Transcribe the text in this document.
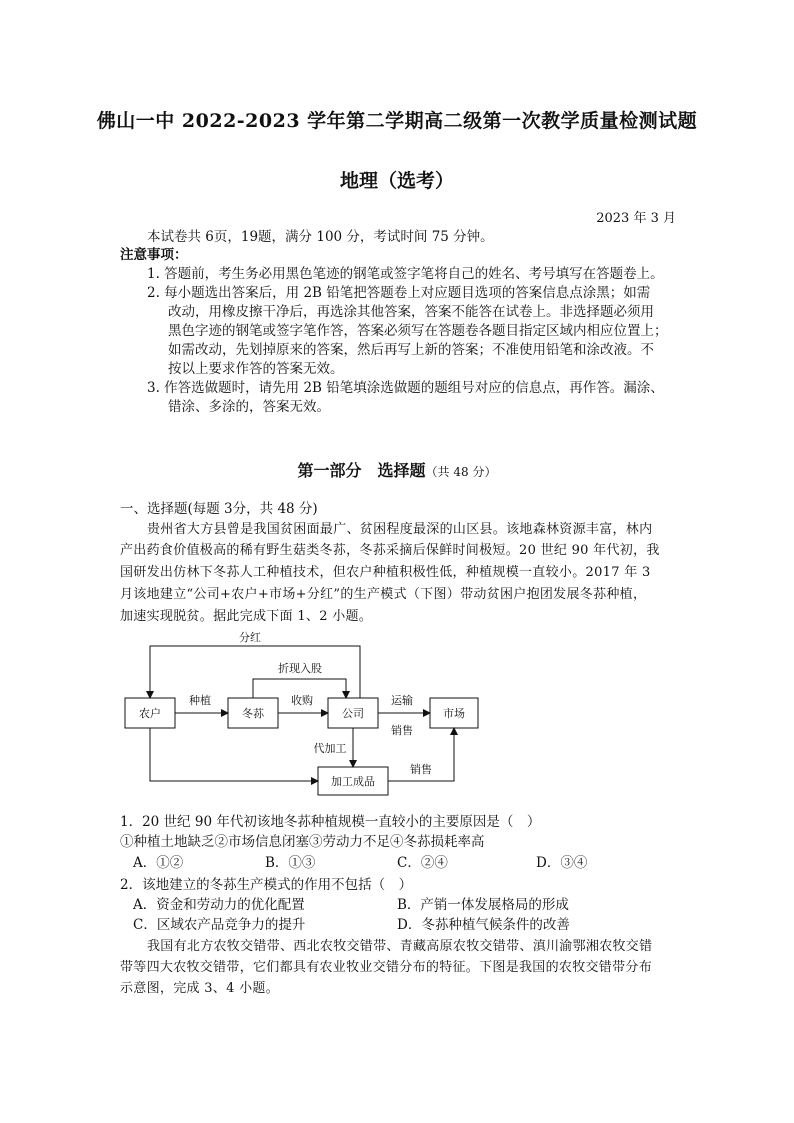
佛山一中 2022-2023 学年第二学期高二级第一次教学质量检测试题
地理（选考）
2023 年 3 月
本试卷共 6页，19题，满分 100 分，考试时间 75 分钟。
注意事项：
1. 答题前，考生务必用黑色笔迹的钢笔或签字笔将自己的姓名、考号填写在答题卷上。
2. 每小题选出答案后，用 2B 铅笔把答题卷上对应题目选项的答案信息点涂黑；如需
改动，用橡皮擦干净后，再选涂其他答案，答案不能答在试卷上。非选择题必须用
黑色字迹的钢笔或签字笔作答，答案必须写在答题卷各题目指定区域内相应位置上；
如需改动，先划掉原来的答案，然后再写上新的答案；不准使用铅笔和涂改液。不
按以上要求作答的答案无效。
3. 作答选做题时，请先用 2B 铅笔填涂选做题的题组号对应的信息点，再作答。漏涂、
错涂、多涂的，答案无效。
第一部分　选择题（共 48 分）
一、选择题(每题 3分，共 48 分)
贵州省大方县曾是我国贫困面最广、贫困程度最深的山区县。该地森林资源丰富，林内
产出药食价值极高的稀有野生菇类冬荪，冬荪采摘后保鲜时间极短。20 世纪 90 年代初，我
国研发出仿林下冬荪人工种植技术，但农户种植积极性低，种植规模一直较小。2017 年 3
月该地建立“公司+农户+市场+分红”的生产模式（下图）带动贫困户抱团发展冬荪种植，
加速实现脱贫。据此完成下面 1、2 小题。
农户	冬荪	公司	市场
加工成品
分红
折现入股
种植	收购	运输
销售
代加工
销售
1．20 世纪 90 年代初该地冬荪种植规模一直较小的主要原因是（　）
①种植土地缺乏②市场信息闭塞③劳动力不足④冬荪损耗率高
A．①②	B．①③	C．②④	D．③④
2．该地建立的冬荪生产模式的作用不包括（　）
A．资金和劳动力的优化配置	B．产销一体发展格局的形成
C．区域农产品竞争力的提升	D．冬荪种植气候条件的改善
我国有北方农牧交错带、西北农牧交错带、青藏高原农牧交错带、滇川渝鄂湘农牧交错
带等四大农牧交错带，它们都具有农业牧业交错分布的特征。下图是我国的农牧交错带分布
示意图，完成 3、4 小题。
